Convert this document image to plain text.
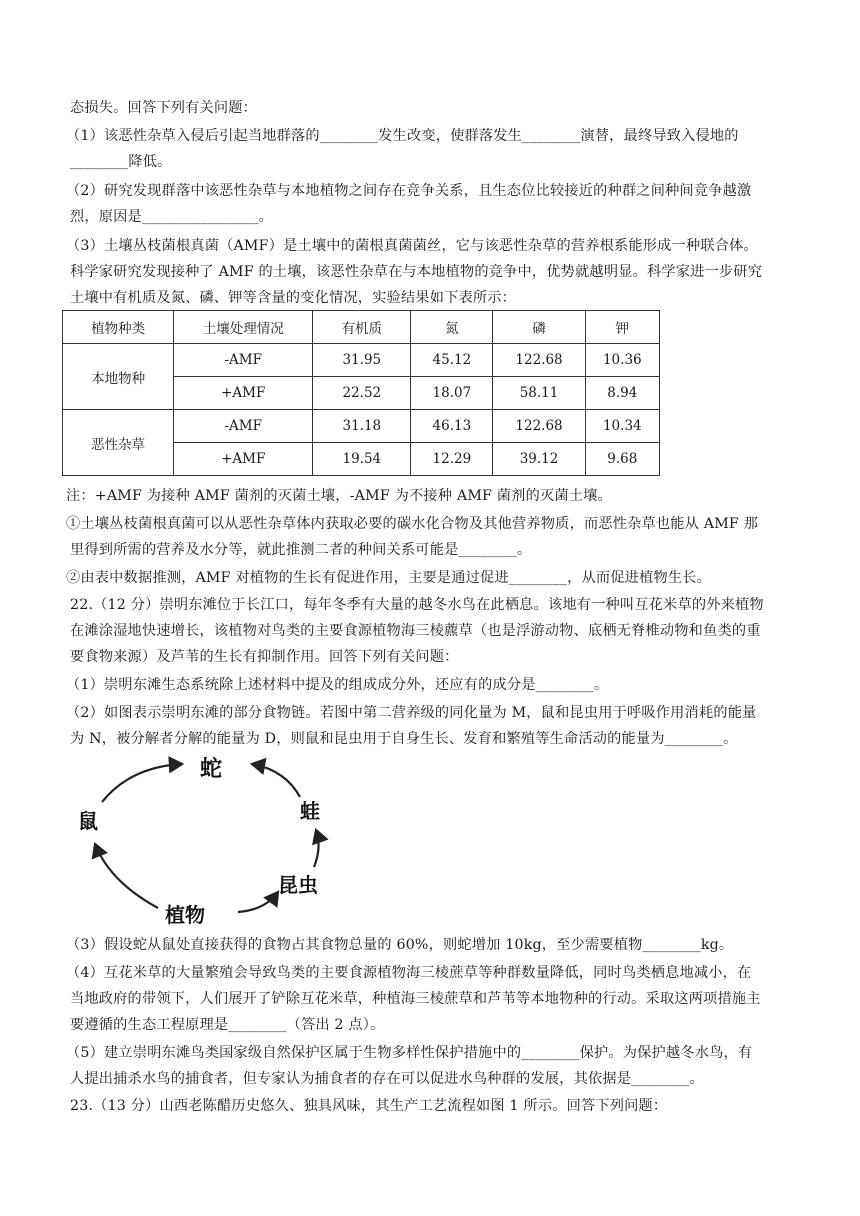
态损失。回答下列有关问题：
（1）该恶性杂草入侵后引起当地群落的________发生改变，使群落发生________演替，最终导致入侵地的
________降低。
（2）研究发现群落中该恶性杂草与本地植物之间存在竞争关系，且生态位比较接近的种群之间种间竞争越激
烈，原因是________________。
（3）土壤丛枝菌根真菌（AMF）是土壤中的菌根真菌菌丝，它与该恶性杂草的营养根系能形成一种联合体。
科学家研究发现接种了 AMF 的土壤，该恶性杂草在与本地植物的竞争中，优势就越明显。科学家进一步研究
土壤中有机质及氮、磷、钾等含量的变化情况，实验结果如下表所示：
植物种类	土壤处理情况	有机质	氮	磷	钾
本地物种	-AMF	31.95	45.12	122.68	10.36
	+AMF	22.52	18.07	58.11	8.94
恶性杂草	-AMF	31.18	46.13	122.68	10.34
	+AMF	19.54	12.29	39.12	9.68
注：+AMF 为接种 AMF 菌剂的灭菌土壤，-AMF 为不接种 AMF 菌剂的灭菌土壤。
①土壤丛枝菌根真菌可以从恶性杂草体内获取必要的碳水化合物及其他营养物质，而恶性杂草也能从 AMF 那
里得到所需的营养及水分等，就此推测二者的种间关系可能是________。
②由表中数据推测，AMF 对植物的生长有促进作用，主要是通过促进________，从而促进植物生长。
22.（12 分）崇明东滩位于长江口，每年冬季有大量的越冬水鸟在此栖息。该地有一种叫互花米草的外来植物
在滩涂湿地快速增长，该植物对鸟类的主要食源植物海三棱藨草（也是浮游动物、底栖无脊椎动物和鱼类的重
要食物来源）及芦苇的生长有抑制作用。回答下列有关问题：
（1）崇明东滩生态系统除上述材料中提及的组成成分外，还应有的成分是________。
（2）如图表示崇明东滩的部分食物链。若图中第二营养级的同化量为 M，鼠和昆虫用于呼吸作用消耗的能量
为 N，被分解者分解的能量为 D，则鼠和昆虫用于自身生长、发育和繁殖等生命活动的能量为________。
蛇
鼠	蛙
昆虫
植物
（3）假设蛇从鼠处直接获得的食物占其食物总量的 60%，则蛇增加 10kg，至少需要植物________kg。
（4）互花米草的大量繁殖会导致鸟类的主要食源植物海三棱蔗草等种群数量降低，同时鸟类栖息地减小，在
当地政府的带领下，人们展开了铲除互花米草，种植海三棱蔗草和芦苇等本地物种的行动。采取这两项措施主
要遵循的生态工程原理是________（答出 2 点）。
（5）建立崇明东滩鸟类国家级自然保护区属于生物多样性保护措施中的________保护。为保护越冬水鸟，有
人提出捕杀水鸟的捕食者，但专家认为捕食者的存在可以促进水鸟种群的发展，其依据是________。
23.（13 分）山西老陈醋历史悠久、独具风味，其生产工艺流程如图 1 所示。回答下列问题：
